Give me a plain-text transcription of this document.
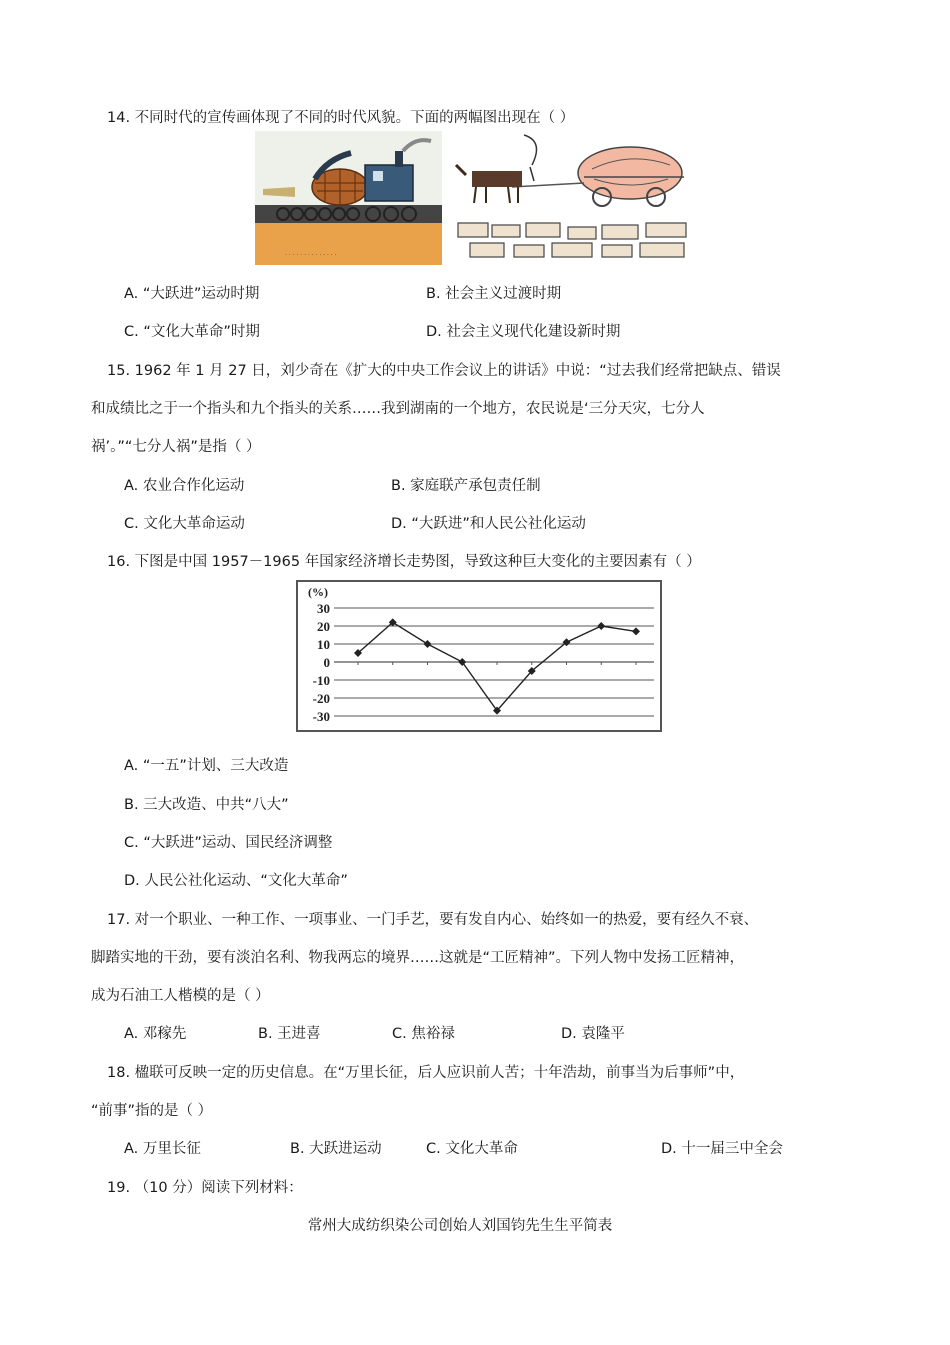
14. 不同时代的宣传画体现了不同的时代风貌。下面的两幅图出现在（ ）
· · · · · · · · · · · · · ·
A. “大跃进”运动时期	B. 社会主义过渡时期
C. “文化大革命”时期	D. 社会主义现代化建设新时期
15. 1962 年 1 月 27 日，刘少奇在《扩大的中央工作会议上的讲话》中说：“过去我们经常把缺点、错误
和成绩比之于一个指头和九个指头的关系……我到湖南的一个地方，农民说是‘三分天灾，七分人
祸’。”“七分人祸”是指（ ）
A. 农业合作化运动	B. 家庭联产承包责任制
C. 文化大革命运动	D. “大跃进”和人民公社化运动
16. 下图是中国 1957－1965 年国家经济增长走势图，导致这种巨大变化的主要因素有（ ）
(%)
30
20
10
0
-10
-20
-30
A. “一五”计划、三大改造
B. 三大改造、中共“八大”
C. “大跃进”运动、国民经济调整
D. 人民公社化运动、“文化大革命”
17. 对一个职业、一种工作、一项事业、一门手艺，要有发自内心、始终如一的热爱，要有经久不衰、
脚踏实地的干劲，要有淡泊名利、物我两忘的境界……这就是“工匠精神”。下列人物中发扬工匠精神，
成为石油工人楷模的是（ ）
A. 邓稼先	B. 王进喜	C. 焦裕禄	D. 袁隆平
18. 楹联可反映一定的历史信息。在“万里长征，后人应识前人苦；十年浩劫，前事当为后事师”中，
“前事”指的是（ ）
A. 万里长征	B. 大跃进运动	C. 文化大革命	D. 十一届三中全会
19. （10 分）阅读下列材料：
常州大成纺织染公司创始人刘国钧先生生平简表
